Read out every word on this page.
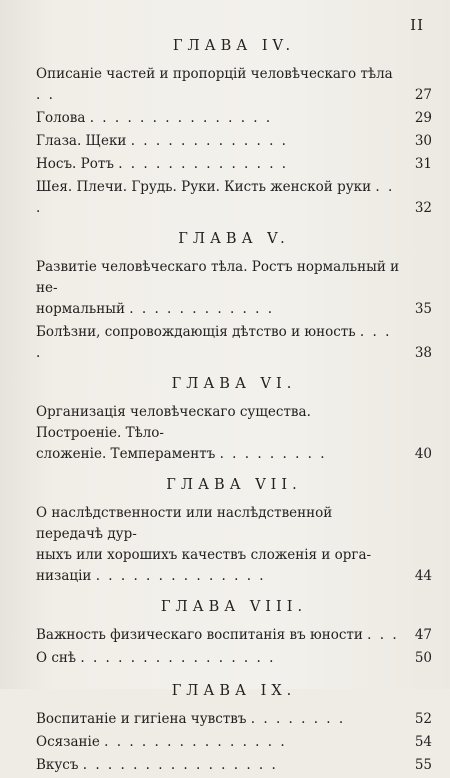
II
ГЛАВА IV.
Описаніе частей и пропорцій человѣческаго тѣла . .	27
Голова . . . . . . . . . . . . . . .	29
Глаза. Щеки . . . . . . . . . . . . .	30
Носъ. Ротъ . . . . . . . . . . . . . .	31
Шея. Плечи. Грудь. Руки. Кисть женской руки . . .	32
ГЛАВА V.
Развитіе человѣческаго тѣла. Ростъ нормальный и не-
нормальный . . . . . . . . . . . .	35
Болѣзни, сопровождающія дѣтство и юность . . . .	38
ГЛАВА VI.
Организація человѣческаго существа. Построеніе. Тѣло-
сложеніе. Темпераментъ . . . . . . . . .	40
ГЛАВА VII.
О наслѣдственности или наслѣдственной передачѣ дур-
ныхъ или хорошихъ качествъ сложенія и орга-
низаціи . . . . . . . . . . . . . .	44
ГЛАВА VIII.
Важность физическаго воспитанія въ юности . . .	47
О снѣ . . . . . . . . . . . . . . . .	50
ГЛАВА IX.
Воспитаніе и гигіена чувствъ . . . . . . . .	52
Осязаніе . . . . . . . . . . . . . . .	54
Вкусъ . . . . . . . . . . . . . . . .	55
